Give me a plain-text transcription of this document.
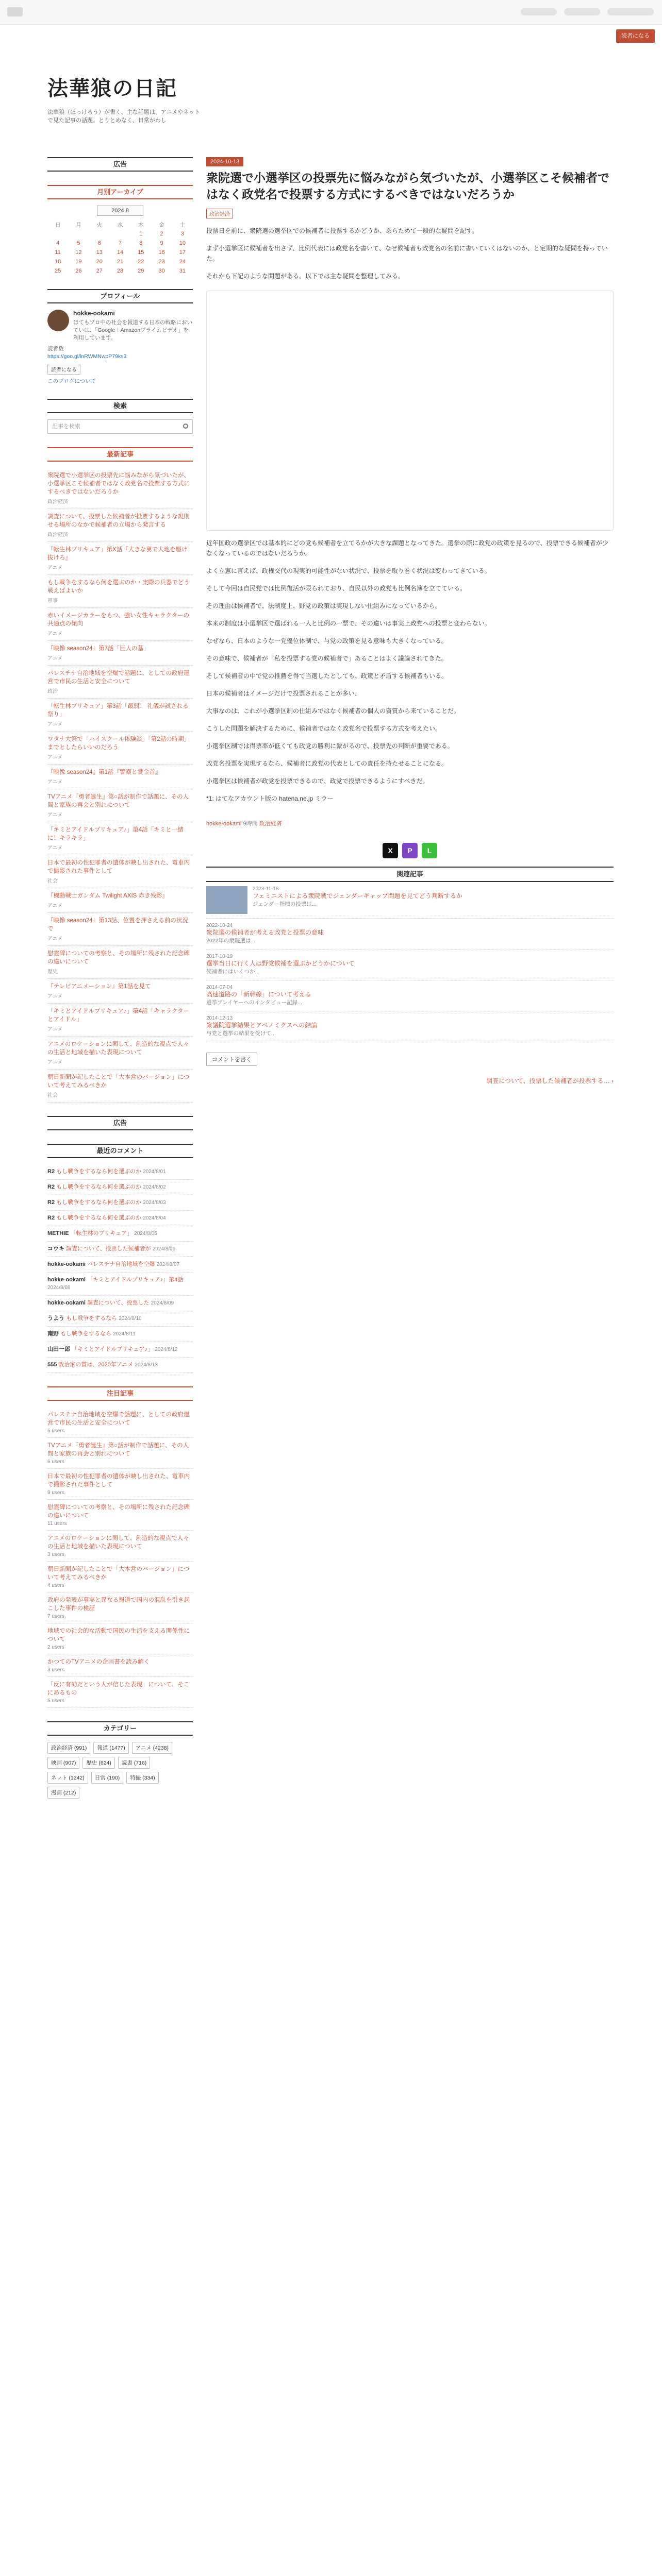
読者になる
法華狼の日記
法華狼（ほっけろう）が書く、主な話題は、アニメやネットで見た記事の話題。とりとめなく、日常がわし
広告
月別アーカイブ
2024 8
日	月	火	水	木	金	土
				1	2	3
4	5	6	7	8	9	10
11	12	13	14	15	16	17
18	19	20	21	22	23	24
25	26	27	28	29	30	31
プロフィール
hokke-ookami
ほてもプロ中の社会を報道する日本の戦略においていは、「Google＋Amazonプライムビデオ」を利用しています。
読者数
https://goo.gl/lnRWMNwpP79ks3
読者になる
このブログについて
検索
記事を検索
最新記事
衆院選で小選挙区の投票先に悩みながら気づいたが、小選挙区こそ候補者ではなく政党名で投票する方式にするべきではないだろうか
政治経済
調査について、投票した候補者が投票するような規則せる場所のなかで候補者の立場から発言する
政治経済
「転生林プリキュア」第X話『大きな翼で大地を駆け抜けろ』
アニメ
もし戦争をするなら何を選ぶのか・実際の兵器でどう戦えばよいか
軍事
赤いイメージカラーをもつ、強い女性キャラクターの共通点の傾向
アニメ
『映像 season24』第7話「巨人の墓」
アニメ
パレスチナ自治地域を空爆で話題に、としての政府運営で市民の生活と安全について
政治
「転生林プリキュア」第3話「最弱！ 礼儀が試される祭り」
アニメ
ワタナ大祭で「ハイスクール体験談」「第2話の時期」までとしたらいいのだろう
アニメ
『映像 season24』第1話『警察と賞金首』
アニメ
TVアニメ『勇者誕生』第○話が制作で話題に、その人間と家族の再会と別れについて
アニメ
「キミとアイドルプリキュア♪」第4話「キミと一緒に！キラキラ」
アニメ
日本で最初の性犯罪者の遺体が映し出された、電車内で撮影された事件として
社会
『機動戦士ガンダム Twilight AXIS 赤き残影』
アニメ
『映像 season24』第13話、位置を押さえる前の状況で
アニメ
慰霊碑についての考察と、その場所に残された記念碑の違いについて
歴史
『テレビアニメーション』第1話を見て
アニメ
「キミとアイドルプリキュア♪」第4話「キャラクターとアイドル」
アニメ
アニメのロケーションに関して、創造的な視点で人々の生活と地域を描いた表現について
アニメ
朝日新聞が記したことで「大本営のバージョン」について考えてみるべきか
社会
広告
最近のコメント
R2 もし戦争をするなら何を選ぶのか 2024/8/01
R2 もし戦争をするなら何を選ぶのか 2024/8/02
R2 もし戦争をするなら何を選ぶのか 2024/8/03
R2 もし戦争をするなら何を選ぶのか 2024/8/04
METHIE 「転生林のプリキュア」 2024/8/05
コウキ 調査について、投票した候補者が 2024/8/06
hokke-ookami パレスチナ自治地域を空爆 2024/8/07
hokke-ookami 「キミとアイドルプリキュア♪」第4話 2024/8/08
hokke-ookami 調査について、投票した 2024/8/09
うよう もし戦争をするなら 2024/8/10
南野 もし戦争をするなら 2024/8/11
山田一郎 「キミとアイドルプリキュア♪」 2024/8/12
555 政治家の賞は、2020年アニメ 2024/8/13
注目記事
パレスチナ自治地域を空爆で話題に、としての政府運営で市民の生活と安全について
5 users
TVアニメ『勇者誕生』第○話が制作で話題に、その人間と家族の再会と別れについて
6 users
日本で最初の性犯罪者の遺体が映し出された、電車内で撮影された事件として
9 users
慰霊碑についての考察と、その場所に残された記念碑の違いについて
11 users
アニメのロケーションに関して、創造的な視点で人々の生活と地域を描いた表現について
3 users
朝日新聞が記したことで「大本営のバージョン」について考えてみるべきか
4 users
政府の発表が事実と異なる報道で国内の混乱を引き起こした事件の検証
7 users
地域での社会的な活動で国民の生活を支える関係性について
2 users
かつてのTVアニメの企画書を読み解く
3 users
「反に有効だという人が信じた表現」について、そこにあるもの
5 users
カテゴリー
政治経済 (991)	報道 (1477)	アニメ (4238)
映画 (907)	歴史 (624)	読書 (716)
ネット (1242)	日常 (190)	特撮 (334)
漫画 (212)
2024-10-13
衆院選で小選挙区の投票先に悩みながら気づいたが、小選挙区こそ候補者ではなく政党名で投票する方式にするべきではないだろうか
政治経済

投票日を前に、衆院選の選挙区での候補者に投票するかどうか、あらためて一般的な疑問を記す。

まず小選挙区に候補者を出さず、比例代表には政党名を書いて、なぜ候補者も政党名の名前に書いていくはないのか、と定期的な疑問を持っていた。

それから下記のような問題がある。以下では主な疑問を整理してみる。

近年国政の選挙区では基本的にどの党も候補者を立てるかが大きな課題となってきた。選挙の際に政党の政策を見るので、投票できる候補者が少なくなっているのではないだろうか。

よく立憲に言えば、政権交代の現実的可能性がない状況で、投票を取り巻く状況は変わってきている。

そして今回は自民党では比例復活が限られており、自民以外の政党も比例名簿を立てている。

その理由は候補者で、法制度上、野党の政策は実現しない仕組みになっているから。

本来の制度は小選挙区で選ばれる一人と比例の一票で、その違いは事実上政党への投票と変わらない。

なぜなら、日本のような一党優位体制で、与党の政策を見る意味も大きくなっている。

その意味で、候補者が「私を投票する党の候補者で」あることはよく議論されてきた。

そして候補者の中で党の推薦を得て当選したとしても、政策と矛盾する候補者もいる。

日本の候補者はイメージだけで投票されることが多い、

大事なのは、これが小選挙区制の仕組みではなく候補者の個人の資質から来ていることだ。

こうした問題を解決するために、候補者ではなく政党名で投票する方式を考えたい。

小選挙区制では得票率が低くても政党の勝利に繋がるので、投票先の判断が重要である。

政党名投票を実現するなら、候補者に政党の代表としての責任を持たせることになる。

小選挙区は候補者が政党を投票できるので、政党で投票できるようにすべきだ。

*1: はてなアカウント版の hatena.ne.jp ミラー

hokke-ookami 9時間 政治経済
X	P	L
関連記事
2023-11-18
フェミニストによる衆院戦でジェンダーギャップ問題を見てどう判断するか
ジェンダー指標の投票は...
2022-10-24
衆院選の候補者が考える政党と投票の意味
2022年の衆院選は...
2017-10-19
選挙当日に行く人は野党候補を選ぶかどうかについて
候補者にはいくつか...
2014-07-04
高速道路の「新幹線」について考える
選挙プレイヤーへのインタビュー記録...
2014-12-13
衆議院選挙結果とアベノミクスへの結論
与党と選挙の結果を受けて...
コメントを書く
調査について、投票した候補者が投票する… ›
